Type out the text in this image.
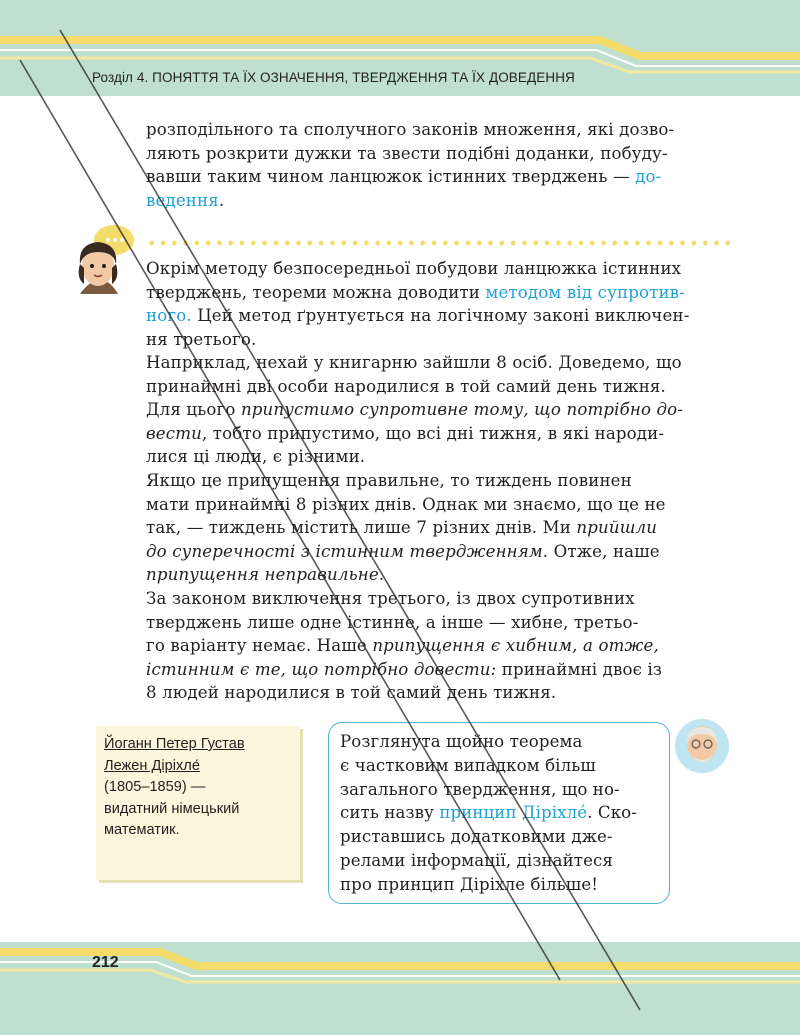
Розділ 4. ПОНЯТТЯ ТА ЇХ ОЗНАЧЕННЯ, ТВЕРДЖЕННЯ ТА ЇХ ДОВЕДЕННЯ

розподільного та сполучного законів множення, які дозво-

ляють розкрити дужки та звести подібні доданки, побуду-

вавши таким чином ланцюжок істинних тверджень — до-

ведення.

Окрім методу безпосередньої побудови ланцюжка істинних

тверджень, теореми можна доводити методом від супротив-

ного. Цей метод ґрунтується на логічному законі виключен-

ня третього.

Наприклад, нехай у книгарню зайшли 8 осіб. Доведемо, що

принаймні дві особи народилися в той самий день тижня.

Для цього припустимо супротивне тому, що потрібно до-

вести, тобто припустимо, що всі дні тижня, в які народи-

лися ці люди, є різними.

Якщо це припущення правильне, то тиждень повинен

мати принаймні 8 різних днів. Однак ми знаємо, що це не

так, — тиждень містить лише 7 різних днів. Ми прийшли

до суперечності з істинним твердженням. Отже, наше

припущення неправильне.

За законом виключення третього, із двох супротивних

тверджень лише одне істинне, а інше — хибне, третьо-

го варіанту немає. Наше припущення є хибним, а отже,

істинним є те, що потрібно довести: принаймні двоє із

8 людей народилися в той самий день тижня.

Йоганн Петер Густав
Лежен Діріхле́
(1805–1859) —
видатний німецький
математик.
Розглянута щойно теорема
є частковим випадком більш
загального твердження, що но-
сить назву принцип Діріхле́. Ско-
риставшись додатковими дже-
релами інформації, дізнайтеся
про принцип Діріхле більше!
212
